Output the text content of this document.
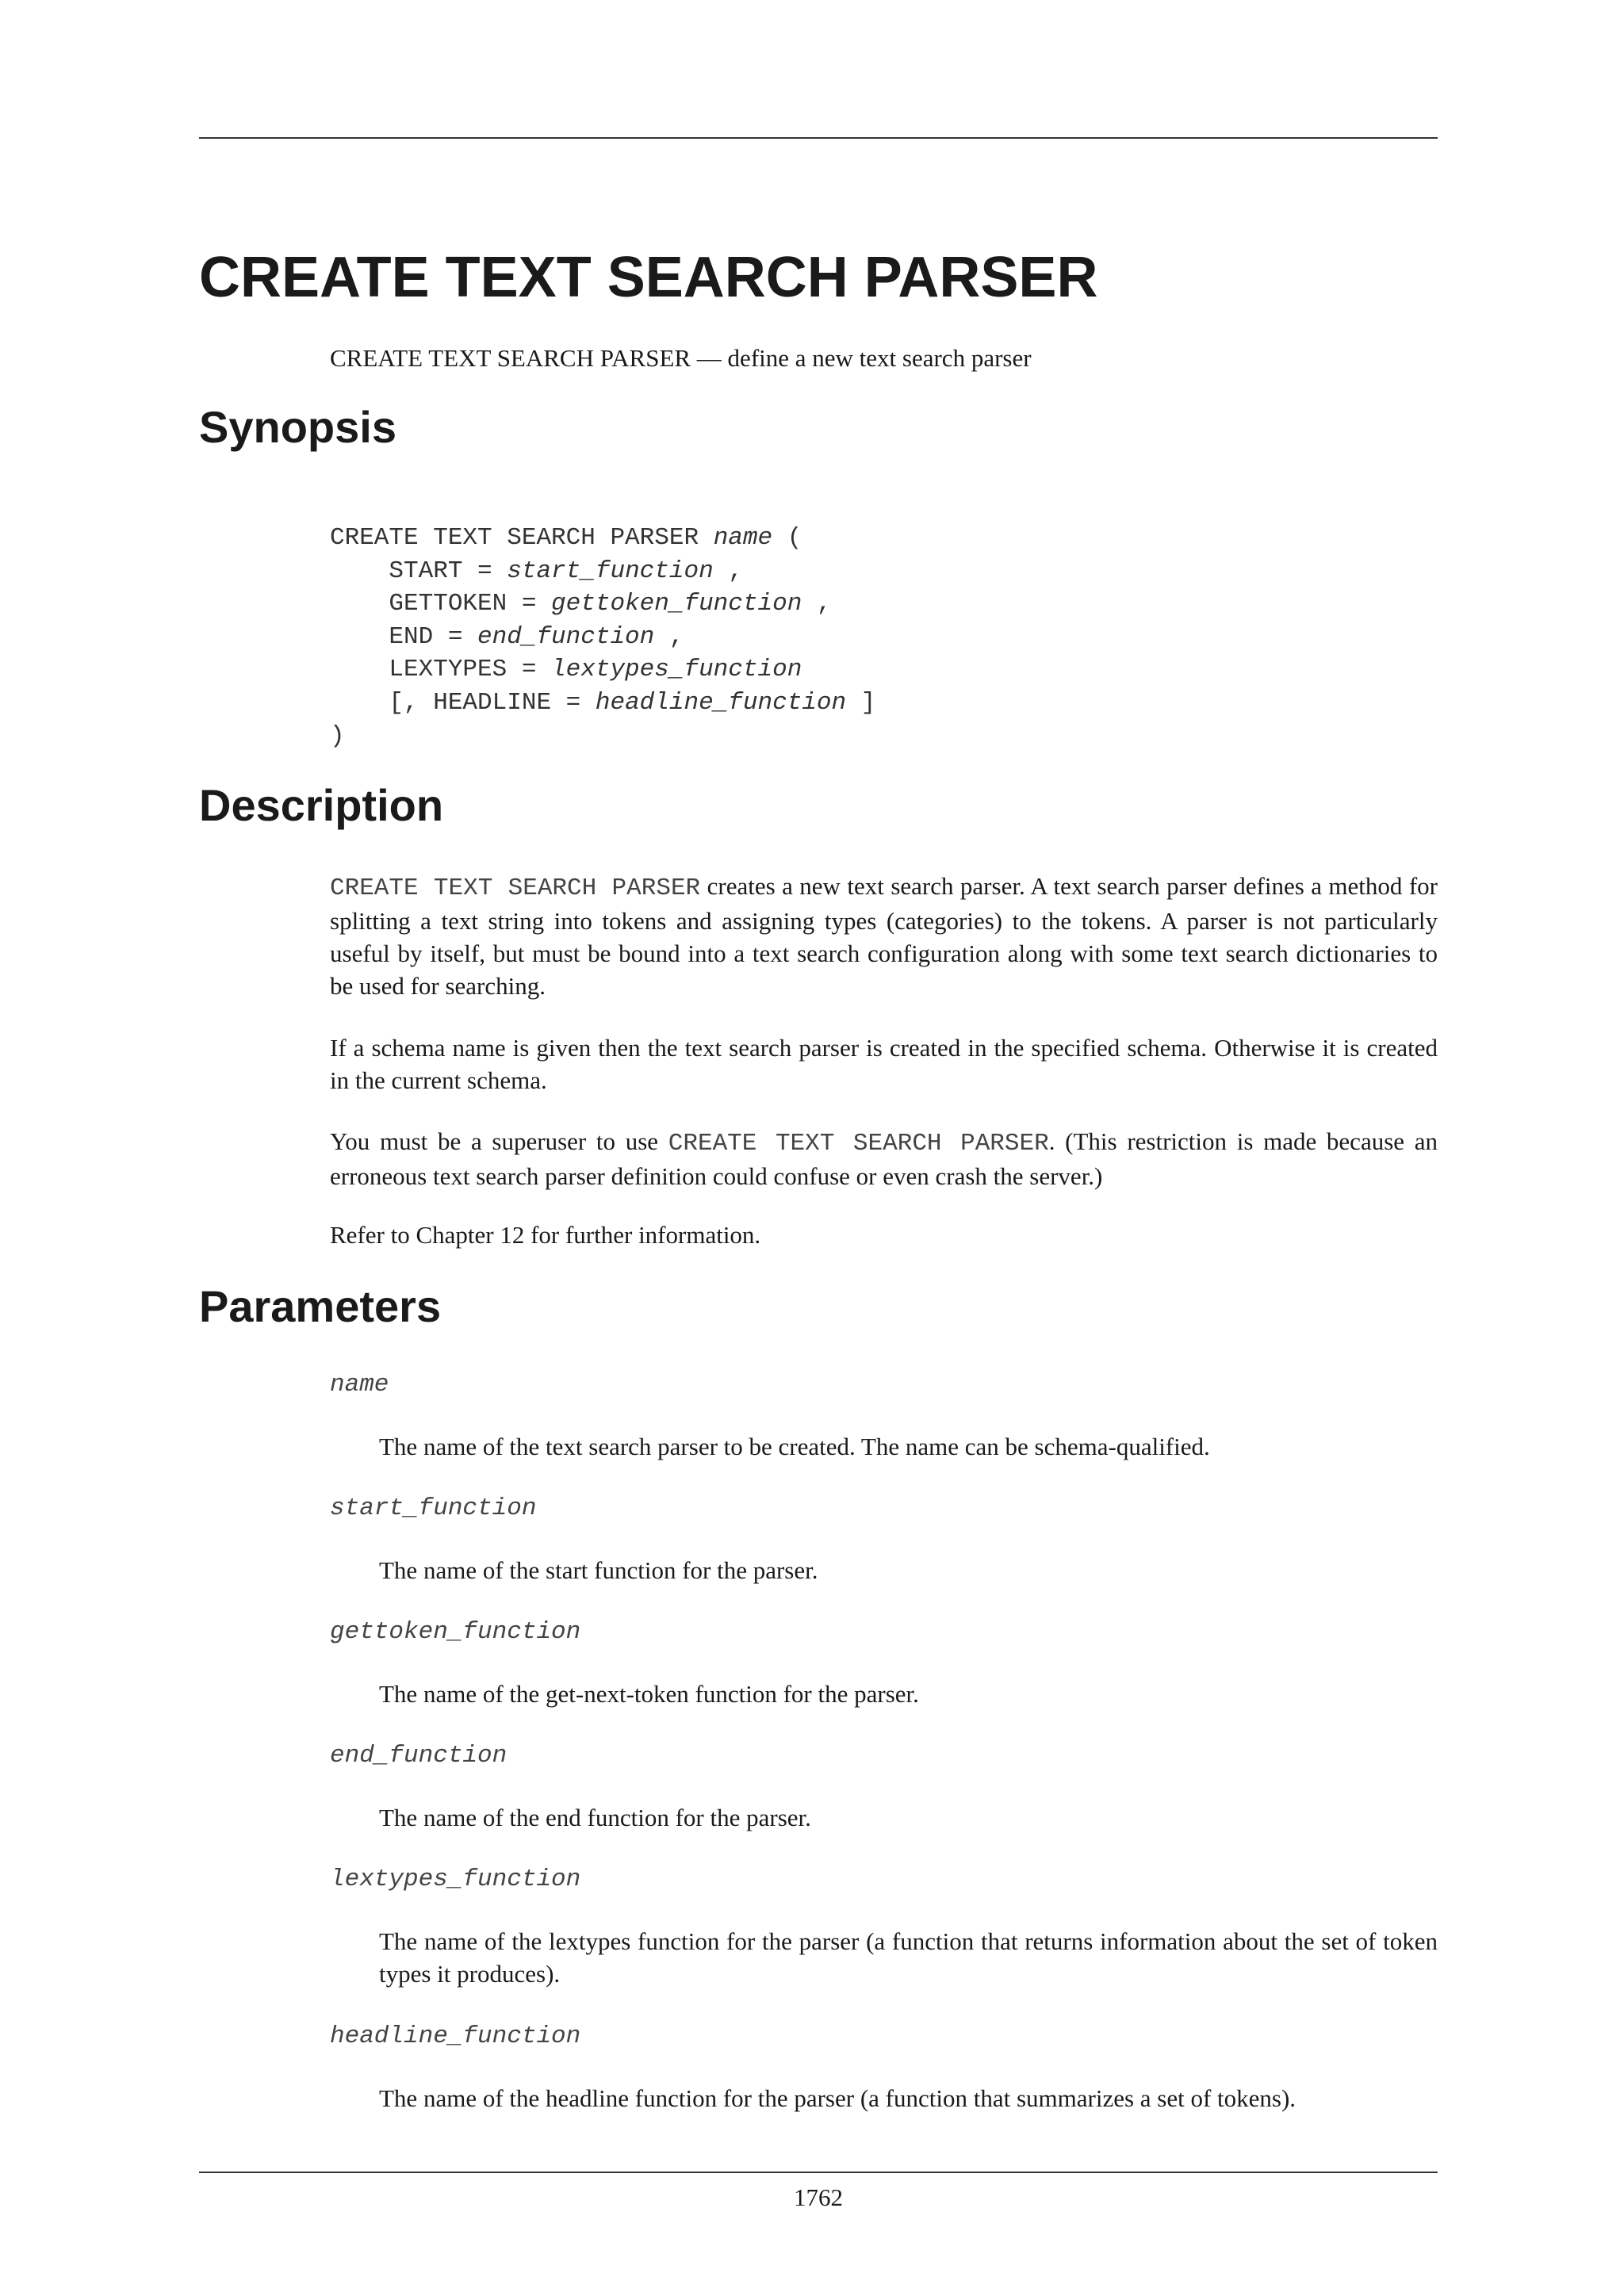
CREATE TEXT SEARCH PARSER
CREATE TEXT SEARCH PARSER — define a new text search parser
Synopsis
CREATE TEXT SEARCH PARSER name (
START = start_function ,
GETTOKEN = gettoken_function ,
END = end_function ,
LEXTYPES = lextypes_function
[, HEADLINE = headline_function ]
)
Description

CREATE TEXT SEARCH PARSER creates a new text search parser. A text search parser defines a method for splitting a text string into tokens and assigning types (categories) to the tokens. A parser is not particularly useful by itself, but must be bound into a text search configuration along with some text search dictionaries to be used for searching.

If a schema name is given then the text search parser is created in the specified schema. Otherwise it is created in the current schema.

You must be a superuser to use CREATE TEXT SEARCH PARSER. (This restriction is made because an erroneous text search parser definition could confuse or even crash the server.)

Refer to Chapter 12 for further information.

Parameters
name
The name of the text search parser to be created. The name can be schema-qualified.
start_function
The name of the start function for the parser.
gettoken_function
The name of the get-next-token function for the parser.
end_function
The name of the end function for the parser.
lextypes_function
The name of the lextypes function for the parser (a function that returns information about the set of token types it produces).
headline_function
The name of the headline function for the parser (a function that summarizes a set of tokens).
1762
